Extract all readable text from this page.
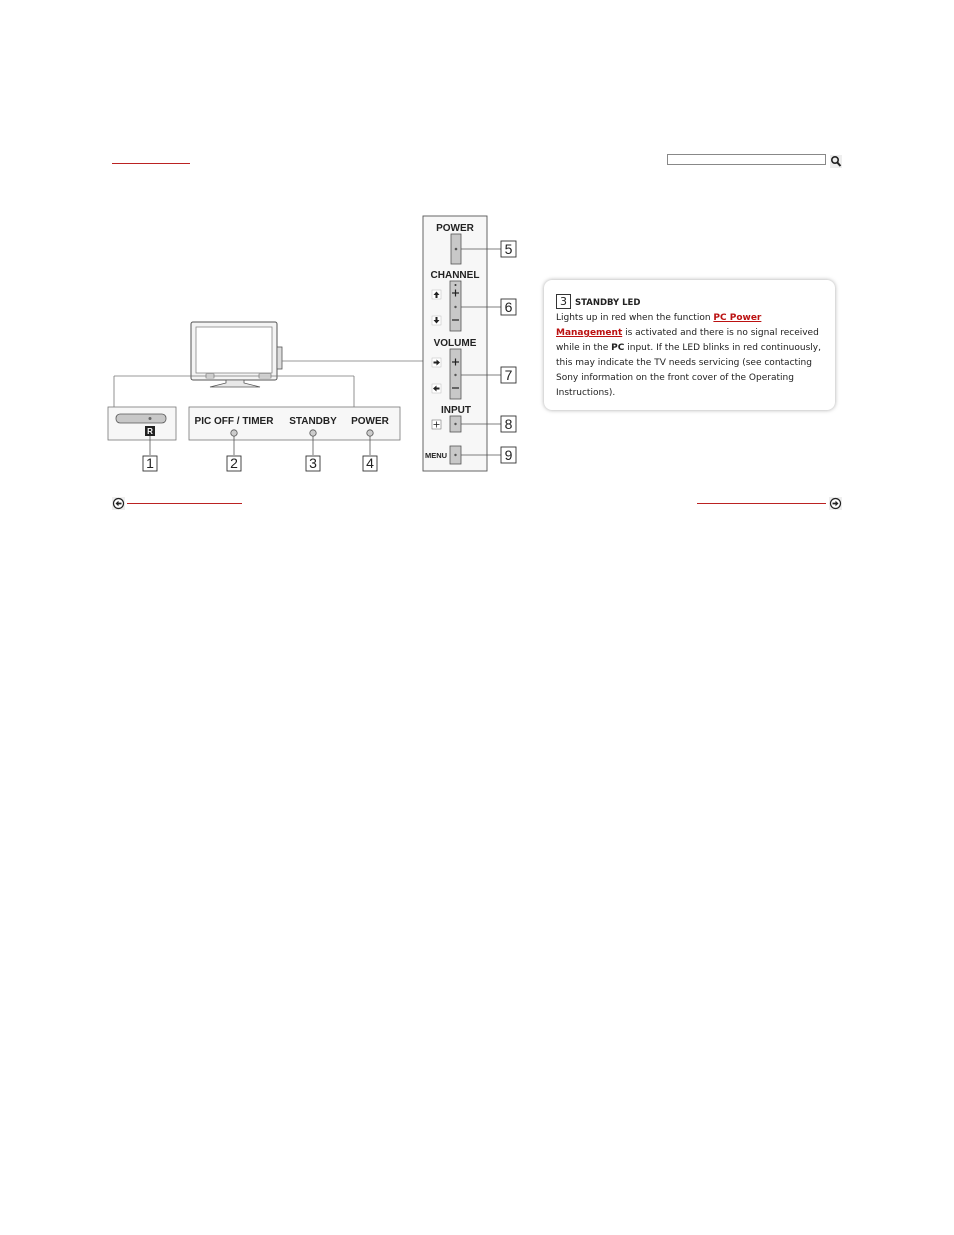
R
PIC OFF / TIMER STANDBY POWER
1	2	3	4
POWER
5
CHANNEL
6
VOLUME
7
INPUT
8
MENU	9
3 STANDBY LED
Lights up in red when the function PC Power Management is activated and there is no signal received while in the PC input. If the LED blinks in red continuously, this may indicate the TV needs servicing (see contacting Sony information on the front cover of the Operating Instructions).
